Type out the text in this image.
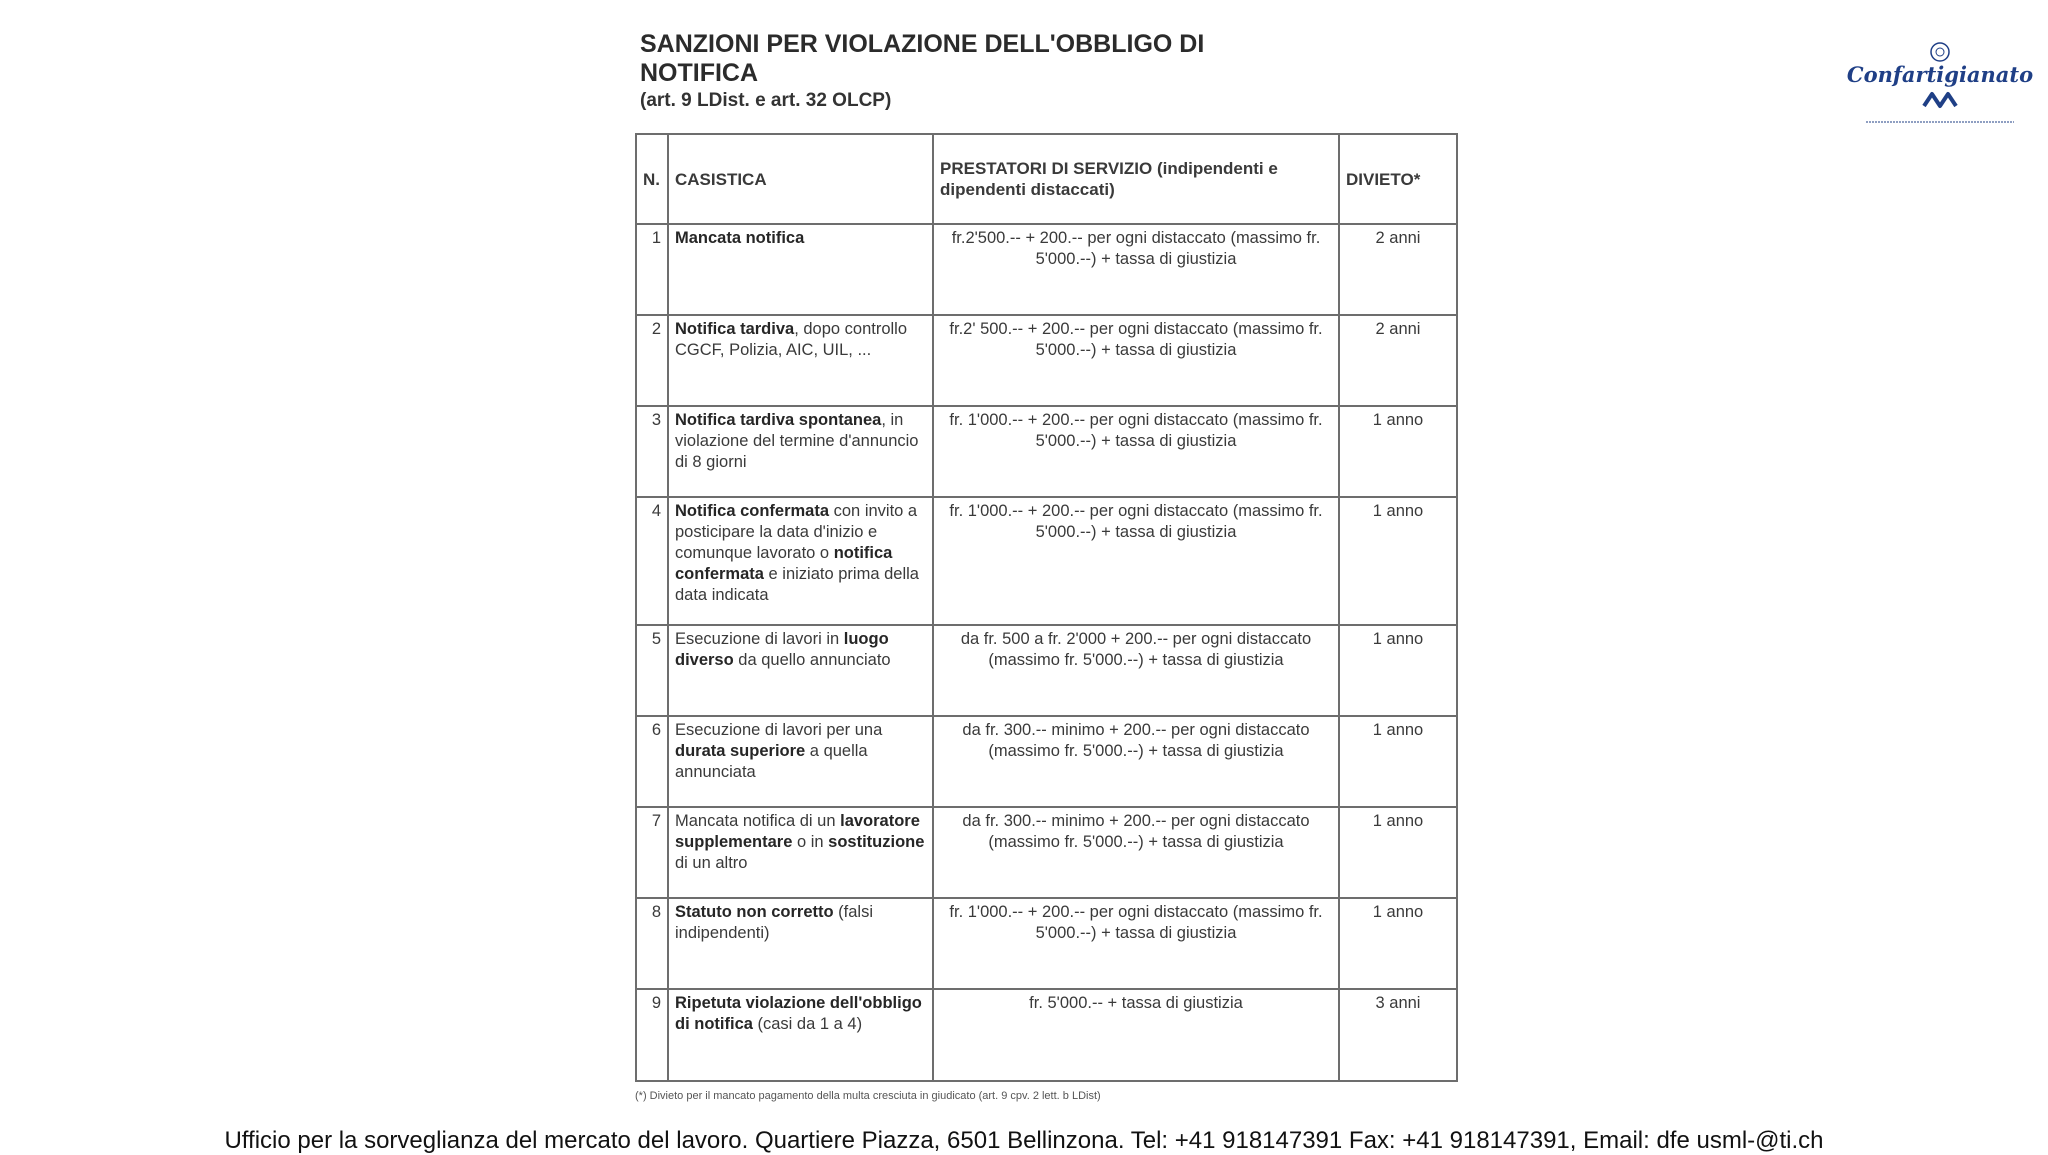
SANZIONI PER VIOLAZIONE DELL'OBBLIGO DI NOTIFICA

(art. 9 LDist. e art. 32 OLCP)

Confartigianato
N.	CASISTICA	PRESTATORI DI SERVIZIO (indipendenti e dipendenti distaccati)	DIVIETO*
1	Mancata notifica	fr.2'500.-- + 200.-- per ogni distaccato (massimo fr. 5'000.--) + tassa di giustizia	2 anni
2	Notifica tardiva, dopo controllo CGCF, Polizia, AIC, UIL, ...	fr.2' 500.-- + 200.-- per ogni distaccato (massimo fr. 5'000.--) + tassa di giustizia	2 anni
3	Notifica tardiva spontanea, in violazione del termine d'annuncio di 8 giorni	fr. 1'000.-- + 200.-- per ogni distaccato (massimo fr. 5'000.--) + tassa di giustizia	1 anno
4	Notifica confermata con invito a posticipare la data d'inizio e comunque lavorato o notifica confermata e iniziato prima della data indicata	fr. 1'000.-- + 200.-- per ogni distaccato (massimo fr. 5'000.--) + tassa di giustizia	1 anno
5	Esecuzione di lavori in luogo diverso da quello annunciato	da fr. 500 a fr. 2'000 + 200.-- per ogni distaccato (massimo fr. 5'000.--) + tassa di giustizia	1 anno
6	Esecuzione di lavori per una durata superiore a quella annunciata	da fr. 300.-- minimo + 200.-- per ogni distaccato (massimo fr. 5'000.--) + tassa di giustizia	1 anno
7	Mancata notifica di un lavoratore supplementare o in sostituzione di un altro	da fr. 300.-- minimo + 200.-- per ogni distaccato (massimo fr. 5'000.--) + tassa di giustizia	1 anno
8	Statuto non corretto (falsi indipendenti)	fr. 1'000.-- + 200.-- per ogni distaccato (massimo fr. 5'000.--) + tassa di giustizia	1 anno
9	Ripetuta violazione dell'obbligo di notifica (casi da 1 a 4)	fr. 5'000.-- + tassa di giustizia	3 anni
(*) Divieto per il mancato pagamento della multa cresciuta in giudicato (art. 9 cpv. 2 lett. b LDist)
Ufficio per la sorveglianza del mercato del lavoro. Quartiere Piazza, 6501 Bellinzona. Tel: +41 918147391 Fax: +41 918147391, Email: dfe usml-@ti.ch
